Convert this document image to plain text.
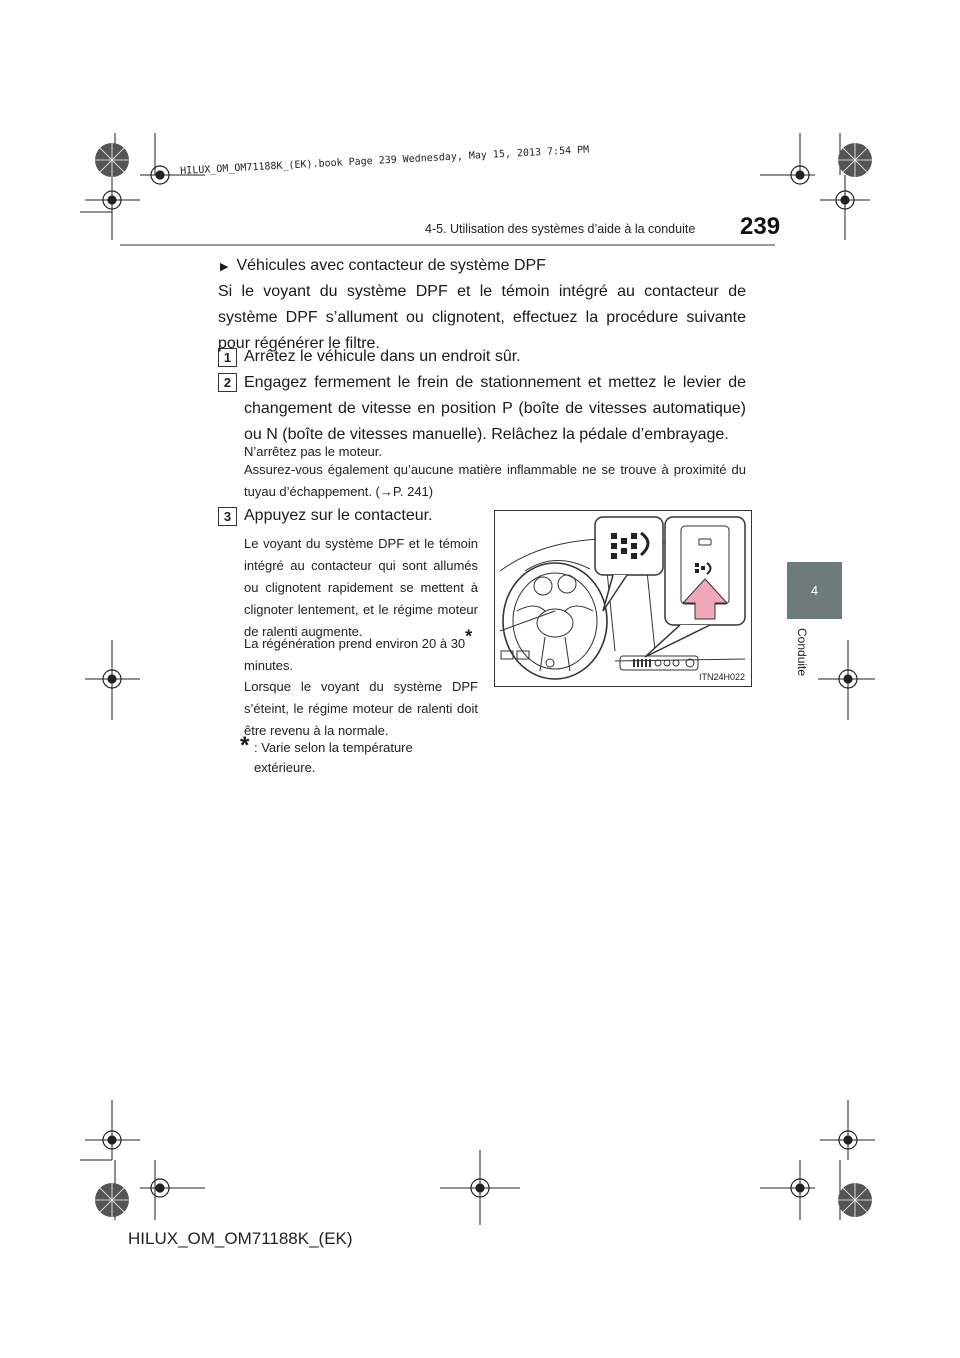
HILUX_OM_OM71188K_(EK).book Page 239 Wednesday, May 15, 2013 7:54 PM
4-5. Utilisation des systèmes d’aide à la conduite 239
4
Conduite
▶ Véhicules avec contacteur de système DPF
Si le voyant du système DPF et le témoin intégré au contacteur de système DPF s’allument ou clignotent, effectuez la procédure suivante pour régénérer le filtre.
1 Arrêtez le véhicule dans un endroit sûr.
2 Engagez fermement le frein de stationnement et mettez le levier de changement de vitesse en position P (boîte de vitesses automatique) ou N (boîte de vitesses manuelle). Relâchez la pédale d’embrayage.
N’arrêtez pas le moteur.
Assurez-vous également qu’aucune matière inflammable ne se trouve à proximité du tuyau d’échappement. (→P. 241)
3 Appuyez sur le contacteur.
Le voyant du système DPF et le témoin intégré au contacteur qui sont allumés ou clignotent rapidement se mettent à clignoter lentement, et le régime moteur de ralenti augmente.
La régénération prend environ 20 à 30* minutes.
Lorsque le voyant du système DPF s’éteint, le régime moteur de ralenti doit être revenu à la normale.
* : Varie selon la température extérieure.
ITN24H022
HILUX_OM_OM71188K_(EK)
